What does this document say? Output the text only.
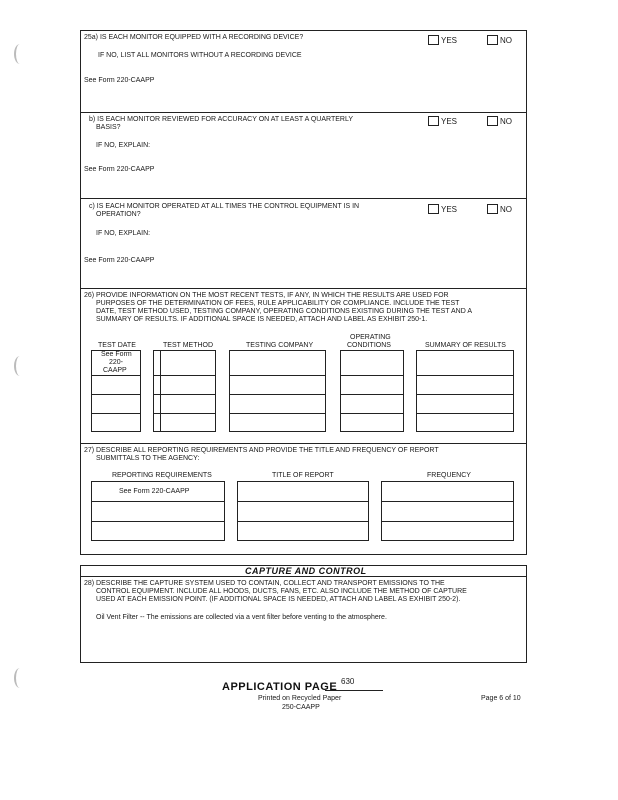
25a) IS EACH MONITOR EQUIPPED WITH A RECORDING DEVICE?	YES	NO
IF NO, LIST ALL MONITORS WITHOUT A RECORDING DEVICE
See Form 220-CAAPP
b) IS EACH MONITOR REVIEWED FOR ACCURACY ON AT LEAST A QUARTERLY
BASIS?
YES	NO
IF NO, EXPLAIN:
See Form 220-CAAPP
c) IS EACH MONITOR OPERATED AT ALL TIMES THE CONTROL EQUIPMENT IS IN
OPERATION?
YES	NO
IF NO, EXPLAIN:
See Form 220-CAAPP
26) PROVIDE INFORMATION ON THE MOST RECENT TESTS, IF ANY, IN WHICH THE RESULTS ARE USED FOR
PURPOSES OF THE DETERMINATION OF FEES, RULE APPLICABILITY OR COMPLIANCE. INCLUDE THE TEST
DATE, TEST METHOD USED, TESTING COMPANY, OPERATING CONDITIONS EXISTING DURING THE TEST AND A
SUMMARY OF RESULTS. IF ADDITIONAL SPACE IS NEEDED, ATTACH AND LABEL AS EXHIBIT 250-1.
TEST DATE	TEST METHOD	TESTING COMPANY
OPERATING
CONDITIONS	SUMMARY OF RESULTS
See Form
220-
CAAPP
27) DESCRIBE ALL REPORTING REQUIREMENTS AND PROVIDE THE TITLE AND FREQUENCY OF REPORT
SUBMITTALS TO THE AGENCY:
REPORTING REQUIREMENTS	TITLE OF REPORT	FREQUENCY
See Form 220-CAAPP
CAPTURE AND CONTROL
28) DESCRIBE THE CAPTURE SYSTEM USED TO CONTAIN, COLLECT AND TRANSPORT EMISSIONS TO THE
CONTROL EQUIPMENT. INCLUDE ALL HOODS, DUCTS, FANS, ETC. ALSO INCLUDE THE METHOD OF CAPTURE
USED AT EACH EMISSION POINT. (IF ADDITIONAL SPACE IS NEEDED, ATTACH AND LABEL AS EXHIBIT 250-2).
Oil Vent Filter -- The emissions are collected via a vent filter before venting to the atmosphere.
APPLICATION PAGE 630
Printed on Recycled Paper
250-CAAPP
Page 6 of 10
